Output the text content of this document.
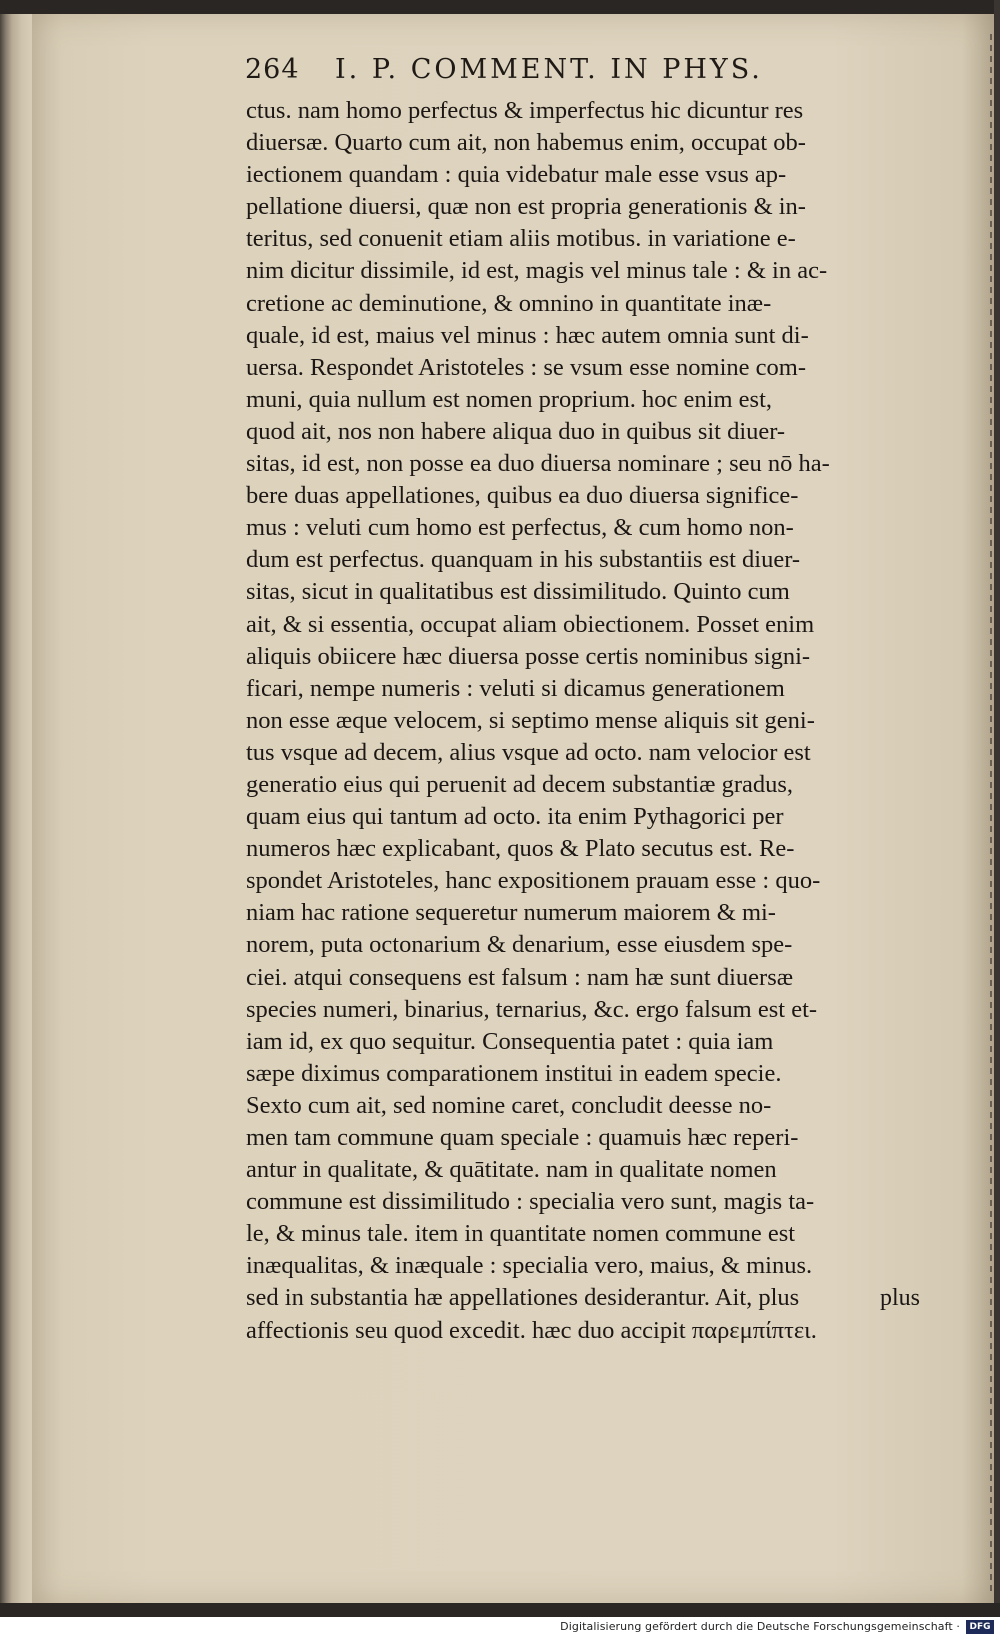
264 I. P. COMMENT. IN PHYS.
ctus. nam homo perfectus & imperfectus hic dicuntur res
diuersæ. Quarto cum ait, non habemus enim, occupat ob-
iectionem quandam : quia videbatur male esse vsus ap-
pellatione diuersi, quæ non est propria generationis & in-
teritus, sed conuenit etiam aliis motibus. in variatione e-
nim dicitur dissimile, id est, magis vel minus tale : & in ac-
cretione ac deminutione, & omnino in quantitate inæ-
quale, id est, maius vel minus : hæc autem omnia sunt di-
uersa. Respondet Aristoteles : se vsum esse nomine com-
muni, quia nullum est nomen proprium. hoc enim est,
quod ait, nos non habere aliqua duo in quibus sit diuer-
sitas, id est, non posse ea duo diuersa nominare ; seu nō ha-
bere duas appellationes, quibus ea duo diuersa significe-
mus : veluti cum homo est perfectus, & cum homo non-
dum est perfectus. quanquam in his substantiis est diuer-
sitas, sicut in qualitatibus est dissimilitudo. Quinto cum
ait, & si essentia, occupat aliam obiectionem. Posset enim
aliquis obiicere hæc diuersa posse certis nominibus signi-
ficari, nempe numeris : veluti si dicamus generationem
non esse æque velocem, si septimo mense aliquis sit geni-
tus vsque ad decem, alius vsque ad octo. nam velocior est
generatio eius qui peruenit ad decem substantiæ gradus,
quam eius qui tantum ad octo. ita enim Pythagorici per
numeros hæc explicabant, quos & Plato secutus est. Re-
spondet Aristoteles, hanc expositionem prauam esse : quo-
niam hac ratione sequeretur numerum maiorem & mi-
norem, puta octonarium & denarium, esse eiusdem spe-
ciei. atqui consequens est falsum : nam hæ sunt diuersæ
species numeri, binarius, ternarius, &c. ergo falsum est et-
iam id, ex quo sequitur. Consequentia patet : quia iam
sæpe diximus comparationem institui in eadem specie.
Sexto cum ait, sed nomine caret, concludit deesse no-
men tam commune quam speciale : quamuis hæc reperi-
antur in qualitate, & quātitate. nam in qualitate nomen
commune est dissimilitudo : specialia vero sunt, magis ta-
le, & minus tale. item in quantitate nomen commune est
inæqualitas, & inæquale : specialia vero, maius, & minus.
sed in substantia hæ appellationes desiderantur. Ait, plus
affectionis seu quod excedit. hæc duo accipit παρεμπίπτει.
plus
Digitalisierung gefördert durch die Deutsche Forschungsgemeinschaft ·	DFG
